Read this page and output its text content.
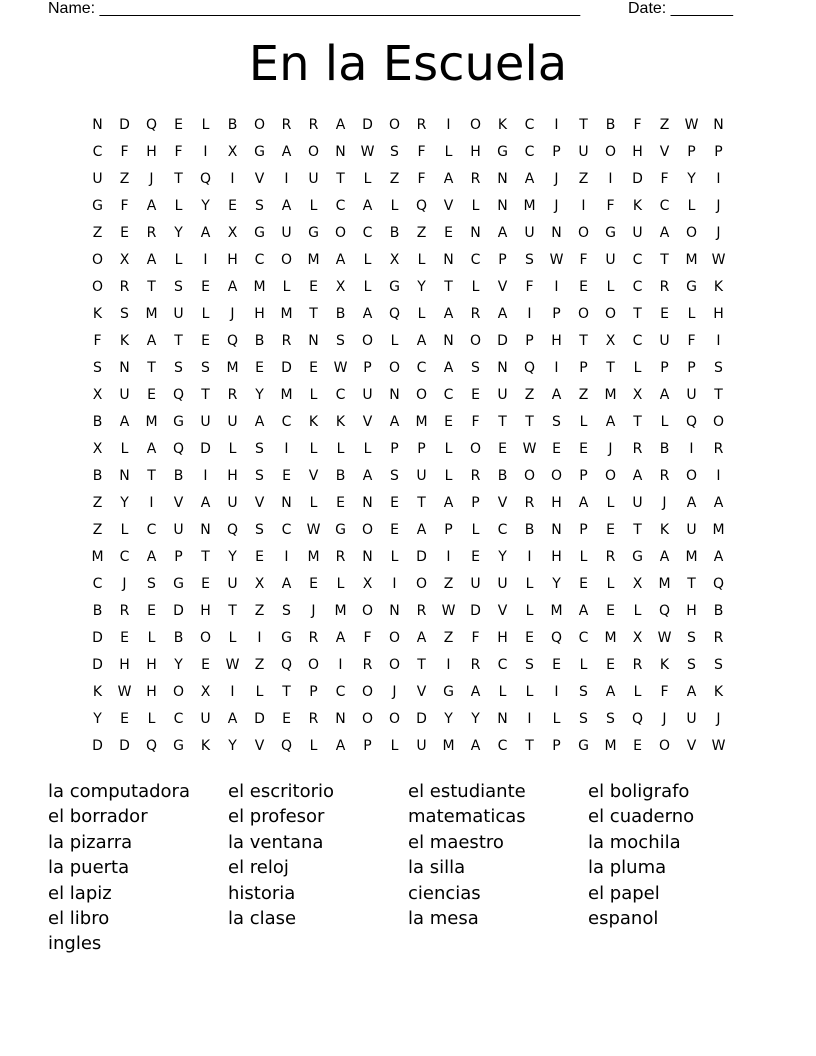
Name: ______________________________________________________	Date: _______
En la Escuela
N	D	Q	E	L	B	O	R	R	A	D	O	R	I	O	K	C	I	T	B	F	Z	W	N
C	F	H	F	I	X	G	A	O	N	W	S	F	L	H	G	C	P	U	O	H	V	P	P
U	Z	J	T	Q	I	V	I	U	T	L	Z	F	A	R	N	A	J	Z	I	D	F	Y	I
G	F	A	L	Y	E	S	A	L	C	A	L	Q	V	L	N	M	J	I	F	K	C	L	J
Z	E	R	Y	A	X	G	U	G	O	C	B	Z	E	N	A	U	N	O	G	U	A	O	J
O	X	A	L	I	H	C	O	M	A	L	X	L	N	C	P	S	W	F	U	C	T	M	W
O	R	T	S	E	A	M	L	E	X	L	G	Y	T	L	V	F	I	E	L	C	R	G	K
K	S	M	U	L	J	H	M	T	B	A	Q	L	A	R	A	I	P	O	O	T	E	L	H
F	K	A	T	E	Q	B	R	N	S	O	L	A	N	O	D	P	H	T	X	C	U	F	I
S	N	T	S	S	M	E	D	E	W	P	O	C	A	S	N	Q	I	P	T	L	P	P	S
X	U	E	Q	T	R	Y	M	L	C	U	N	O	C	E	U	Z	A	Z	M	X	A	U	T
B	A	M	G	U	U	A	C	K	K	V	A	M	E	F	T	T	S	L	A	T	L	Q	O
X	L	A	Q	D	L	S	I	L	L	L	P	P	L	O	E	W	E	E	J	R	B	I	R
B	N	T	B	I	H	S	E	V	B	A	S	U	L	R	B	O	O	P	O	A	R	O	I
Z	Y	I	V	A	U	V	N	L	E	N	E	T	A	P	V	R	H	A	L	U	J	A	A
Z	L	C	U	N	Q	S	C	W	G	O	E	A	P	L	C	B	N	P	E	T	K	U	M
M	C	A	P	T	Y	E	I	M	R	N	L	D	I	E	Y	I	H	L	R	G	A	M	A
C	J	S	G	E	U	X	A	E	L	X	I	O	Z	U	U	L	Y	E	L	X	M	T	Q
B	R	E	D	H	T	Z	S	J	M	O	N	R	W	D	V	L	M	A	E	L	Q	H	B
D	E	L	B	O	L	I	G	R	A	F	O	A	Z	F	H	E	Q	C	M	X	W	S	R
D	H	H	Y	E	W	Z	Q	O	I	R	O	T	I	R	C	S	E	L	E	R	K	S	S
K	W	H	O	X	I	L	T	P	C	O	J	V	G	A	L	L	I	S	A	L	F	A	K
Y	E	L	C	U	A	D	E	R	N	O	O	D	Y	Y	N	I	L	S	S	Q	J	U	J
D	D	Q	G	K	Y	V	Q	L	A	P	L	U	M	A	C	T	P	G	M	E	O	V	W
la computadora
el borrador
la pizarra
la puerta
el lapiz
el libro
ingles
el escritorio
el profesor
la ventana
el reloj
historia
la clase
el estudiante
matematicas
el maestro
la silla
ciencias
la mesa
el boligrafo
el cuaderno
la mochila
la pluma
el papel
espanol
